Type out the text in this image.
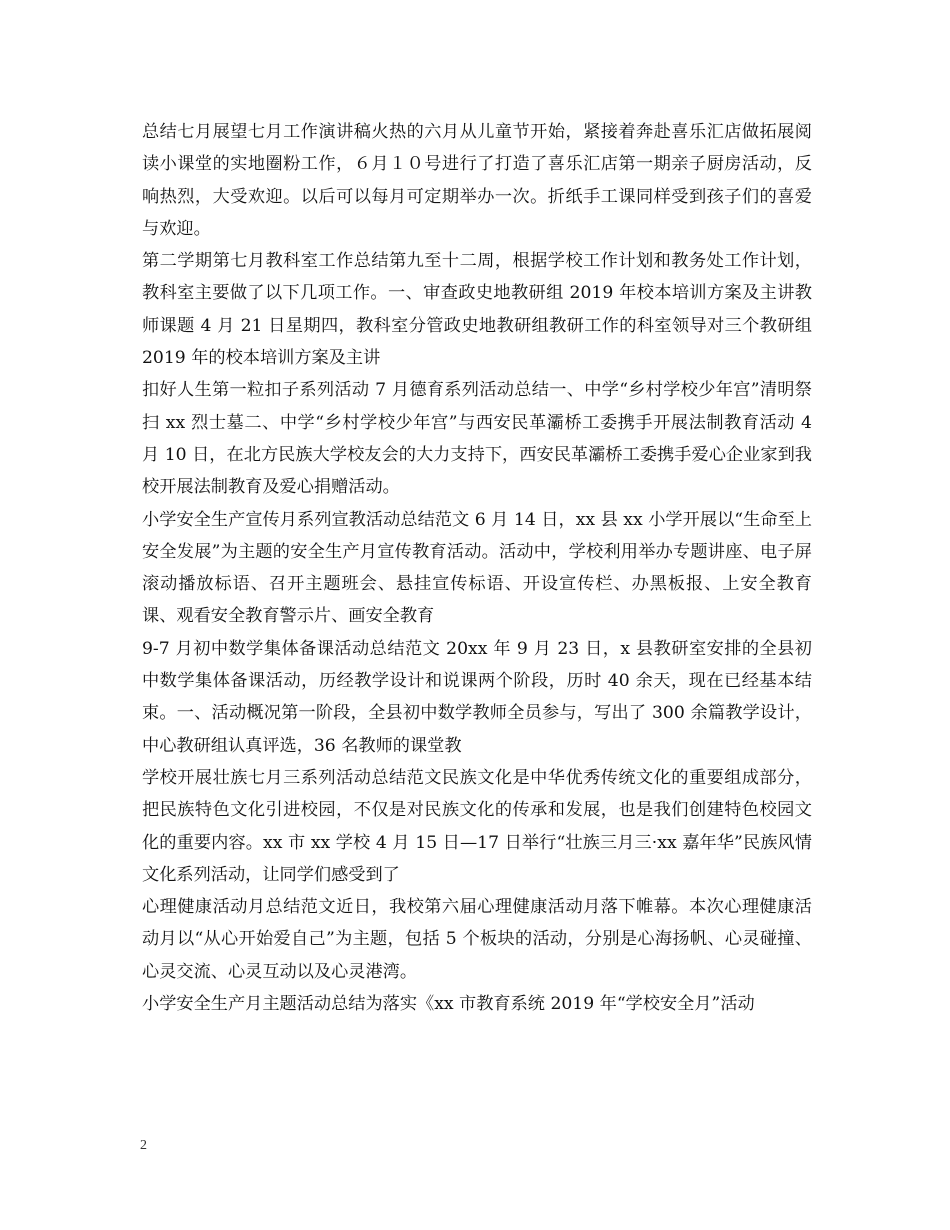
总结七月展望七月工作演讲稿火热的六月从儿童节开始，紧接着奔赴喜乐汇店做拓展阅读小课堂的实地圈粉工作，６月１０号进行了打造了喜乐汇店第一期亲子厨房活动，反响热烈，大受欢迎。以后可以每月可定期举办一次。折纸手工课同样受到孩子们的喜爱与欢迎。

第二学期第七月教科室工作总结第九至十二周，根据学校工作计划和教务处工作计划，教科室主要做了以下几项工作。一、审查政史地教研组 2019 年校本培训方案及主讲教师课题 4 月 21 日星期四，教科室分管政史地教研组教研工作的科室领导对三个教研组 2019 年的校本培训方案及主讲

扣好人生第一粒扣子系列活动 7 月德育系列活动总结一、中学“乡村学校少年宫”清明祭扫 xx 烈士墓二、中学“乡村学校少年宫”与西安民革灞桥工委携手开展法制教育活动 4 月 10 日，在北方民族大学校友会的大力支持下，西安民革灞桥工委携手爱心企业家到我校开展法制教育及爱心捐赠活动。

小学安全生产宣传月系列宣教活动总结范文 6 月 14 日，xx 县 xx 小学开展以“生命至上安全发展”为主题的安全生产月宣传教育活动。活动中，学校利用举办专题讲座、电子屏滚动播放标语、召开主题班会、悬挂宣传标语、开设宣传栏、办黑板报、上安全教育课、观看安全教育警示片、画安全教育

9-7 月初中数学集体备课活动总结范文 20xx 年 9 月 23 日，x 县教研室安排的全县初中数学集体备课活动，历经教学设计和说课两个阶段，历时 40 余天，现在已经基本结束。一、活动概况第一阶段，全县初中数学教师全员参与，写出了 300 余篇教学设计，中心教研组认真评选，36 名教师的课堂教

学校开展壮族七月三系列活动总结范文民族文化是中华优秀传统文化的重要组成部分，把民族特色文化引进校园，不仅是对民族文化的传承和发展，也是我们创建特色校园文化的重要内容。xx 市 xx 学校 4 月 15 日—17 日举行“壮族三月三·xx 嘉年华”民族风情文化系列活动，让同学们感受到了

心理健康活动月总结范文近日，我校第六届心理健康活动月落下帷幕。本次心理健康活动月以“从心开始爱自己”为主题，包括 5 个板块的活动，分别是心海扬帆、心灵碰撞、心灵交流、心灵互动以及心灵港湾。

小学安全生产月主题活动总结为落实《xx 市教育系统 2019 年“学校安全月”活动

2
